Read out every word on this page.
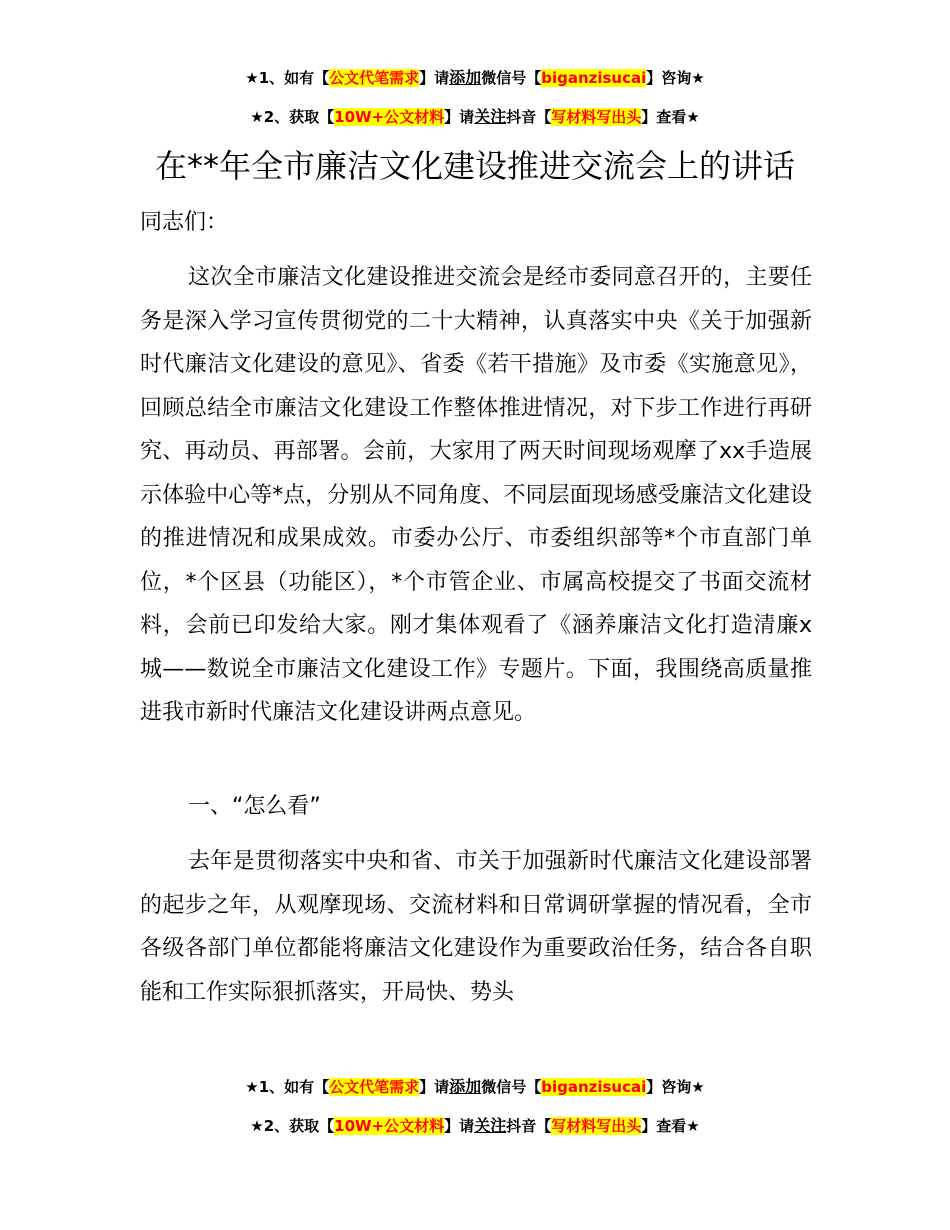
★1、如有【公文代笔需求】请添加微信号【biganzisucai】咨询★
★2、获取【10W+公文材料】请关注抖音【写材料写出头】查看★
在**年全市廉洁文化建设推进交流会上的讲话
同志们：

这次全市廉洁文化建设推进交流会是经市委同意召开的，主要任务是深入学习宣传贯彻党的二十大精神，认真落实中央《关于加强新时代廉洁文化建设的意见》、省委《若干措施》及市委《实施意见》，回顾总结全市廉洁文化建设工作整体推进情况，对下步工作进行再研究、再动员、再部署。会前，大家用了两天时间现场观摩了xx手造展示体验中心等*点，分别从不同角度、不同层面现场感受廉洁文化建设的推进情况和成果成效。市委办公厅、市委组织部等*个市直部门单位，*个区县（功能区），*个市管企业、市属高校提交了书面交流材料，会前已印发给大家。刚才集体观看了《涵养廉洁文化打造清廉x城——数说全市廉洁文化建设工作》专题片。下面，我围绕高质量推进我市新时代廉洁文化建设讲两点意见。

一、“怎么看”

去年是贯彻落实中央和省、市关于加强新时代廉洁文化建设部署的起步之年，从观摩现场、交流材料和日常调研掌握的情况看，全市各级各部门单位都能将廉洁文化建设作为重要政治任务，结合各自职能和工作实际狠抓落实，开局快、势头

★1、如有【公文代笔需求】请添加微信号【biganzisucai】咨询★
★2、获取【10W+公文材料】请关注抖音【写材料写出头】查看★
